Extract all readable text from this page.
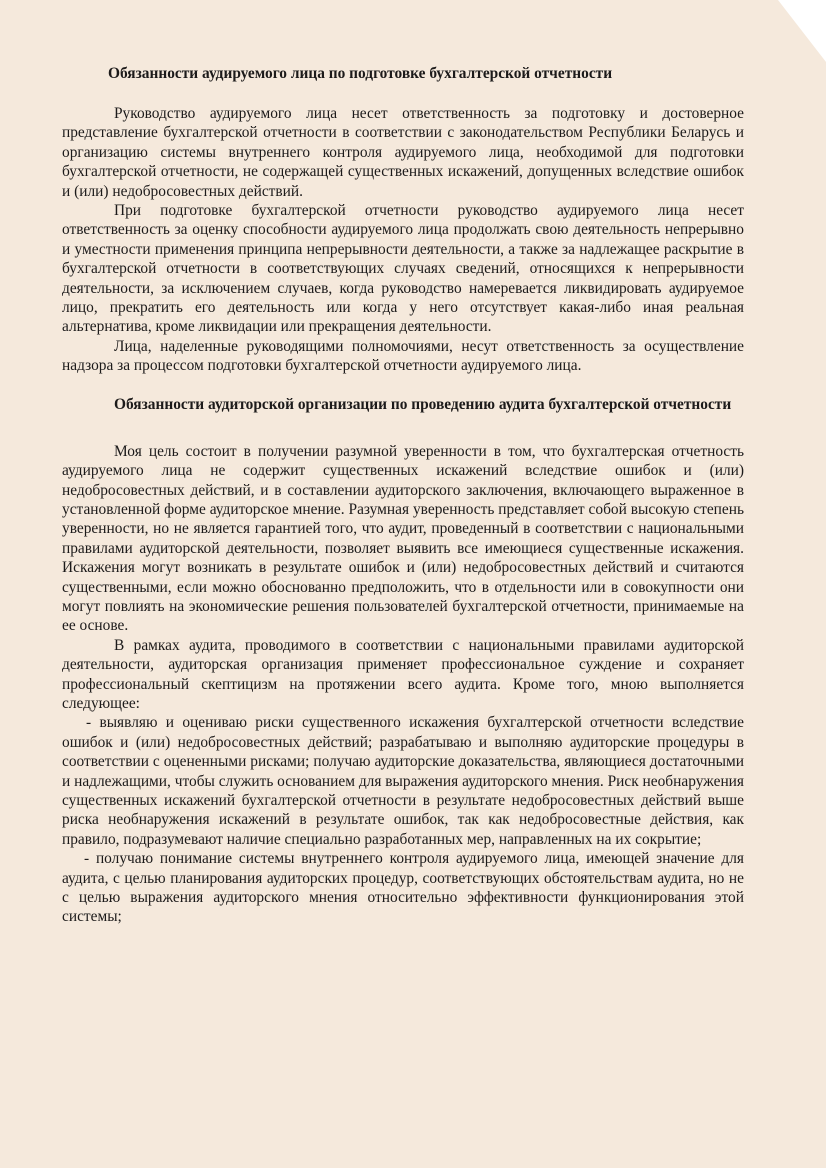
Обязанности аудируемого лица по подготовке бухгалтерской отчетности

Руководство аудируемого лица несет ответственность за подготовку и достоверное представление бухгалтерской отчетности в соответствии с законодательством Республики Беларусь и организацию системы внутреннего контроля аудируемого лица, необходимой для подготовки бухгалтерской отчетности, не содержащей существенных искажений, допущенных вследствие ошибок и (или) недобросовестных действий.

При подготовке бухгалтерской отчетности руководство аудируемого лица несет ответственность за оценку способности аудируемого лица продолжать свою деятельность непрерывно и уместности применения принципа непрерывности деятельности, а также за надлежащее раскрытие в бухгалтерской отчетности в соответствующих случаях сведений, относящихся к непрерывности деятельности, за исключением случаев, когда руководство намеревается ликвидировать аудируемое лицо, прекратить его деятельность или когда у него отсутствует какая-либо иная реальная альтернатива, кроме ликвидации или прекращения деятельности.

Лица, наделенные руководящими полномочиями, несут ответственность за осуществление надзора за процессом подготовки бухгалтерской отчетности аудируемого лица.

Обязанности аудиторской организации по проведению аудита бухгалтерской отчетности

Моя цель состоит в получении разумной уверенности в том, что бухгалтерская отчетность аудируемого лица не содержит существенных искажений вследствие ошибок и (или) недобросовестных действий, и в составлении аудиторского заключения, включающего выраженное в установленной форме аудиторское мнение. Разумная уверенность представляет собой высокую степень уверенности, но не является гарантией того, что аудит, проведенный в соответствии с национальными правилами аудиторской деятельности, позволяет выявить все имеющиеся существенные искажения. Искажения могут возникать в результате ошибок и (или) недобросовестных действий и считаются существенными, если можно обоснованно предположить, что в отдельности или в совокупности они могут повлиять на экономические решения пользователей бухгалтерской отчетности, принимаемые на ее основе.

В рамках аудита, проводимого в соответствии с национальными правилами аудиторской деятельности, аудиторская организация применяет профессиональное суждение и сохраняет профессиональный скептицизм на протяжении всего аудита. Кроме того, мною выполняется следующее:

- выявляю и оцениваю риски существенного искажения бухгалтерской отчетности вследствие ошибок и (или) недобросовестных действий; разрабатываю и выполняю аудиторские процедуры в соответствии с оцененными рисками; получаю аудиторские доказательства, являющиеся достаточными и надлежащими, чтобы служить основанием для выражения аудиторского мнения. Риск необнаружения существенных искажений бухгалтерской отчетности в результате недобросовестных действий выше риска необнаружения искажений в результате ошибок, так как недобросовестные действия, как правило, подразумевают наличие специально разработанных мер, направленных на их сокрытие;

- получаю понимание системы внутреннего контроля аудируемого лица, имеющей значение для аудита, с целью планирования аудиторских процедур, соответствующих обстоятельствам аудита, но не с целью выражения аудиторского мнения относительно эффективности функционирования этой системы;
